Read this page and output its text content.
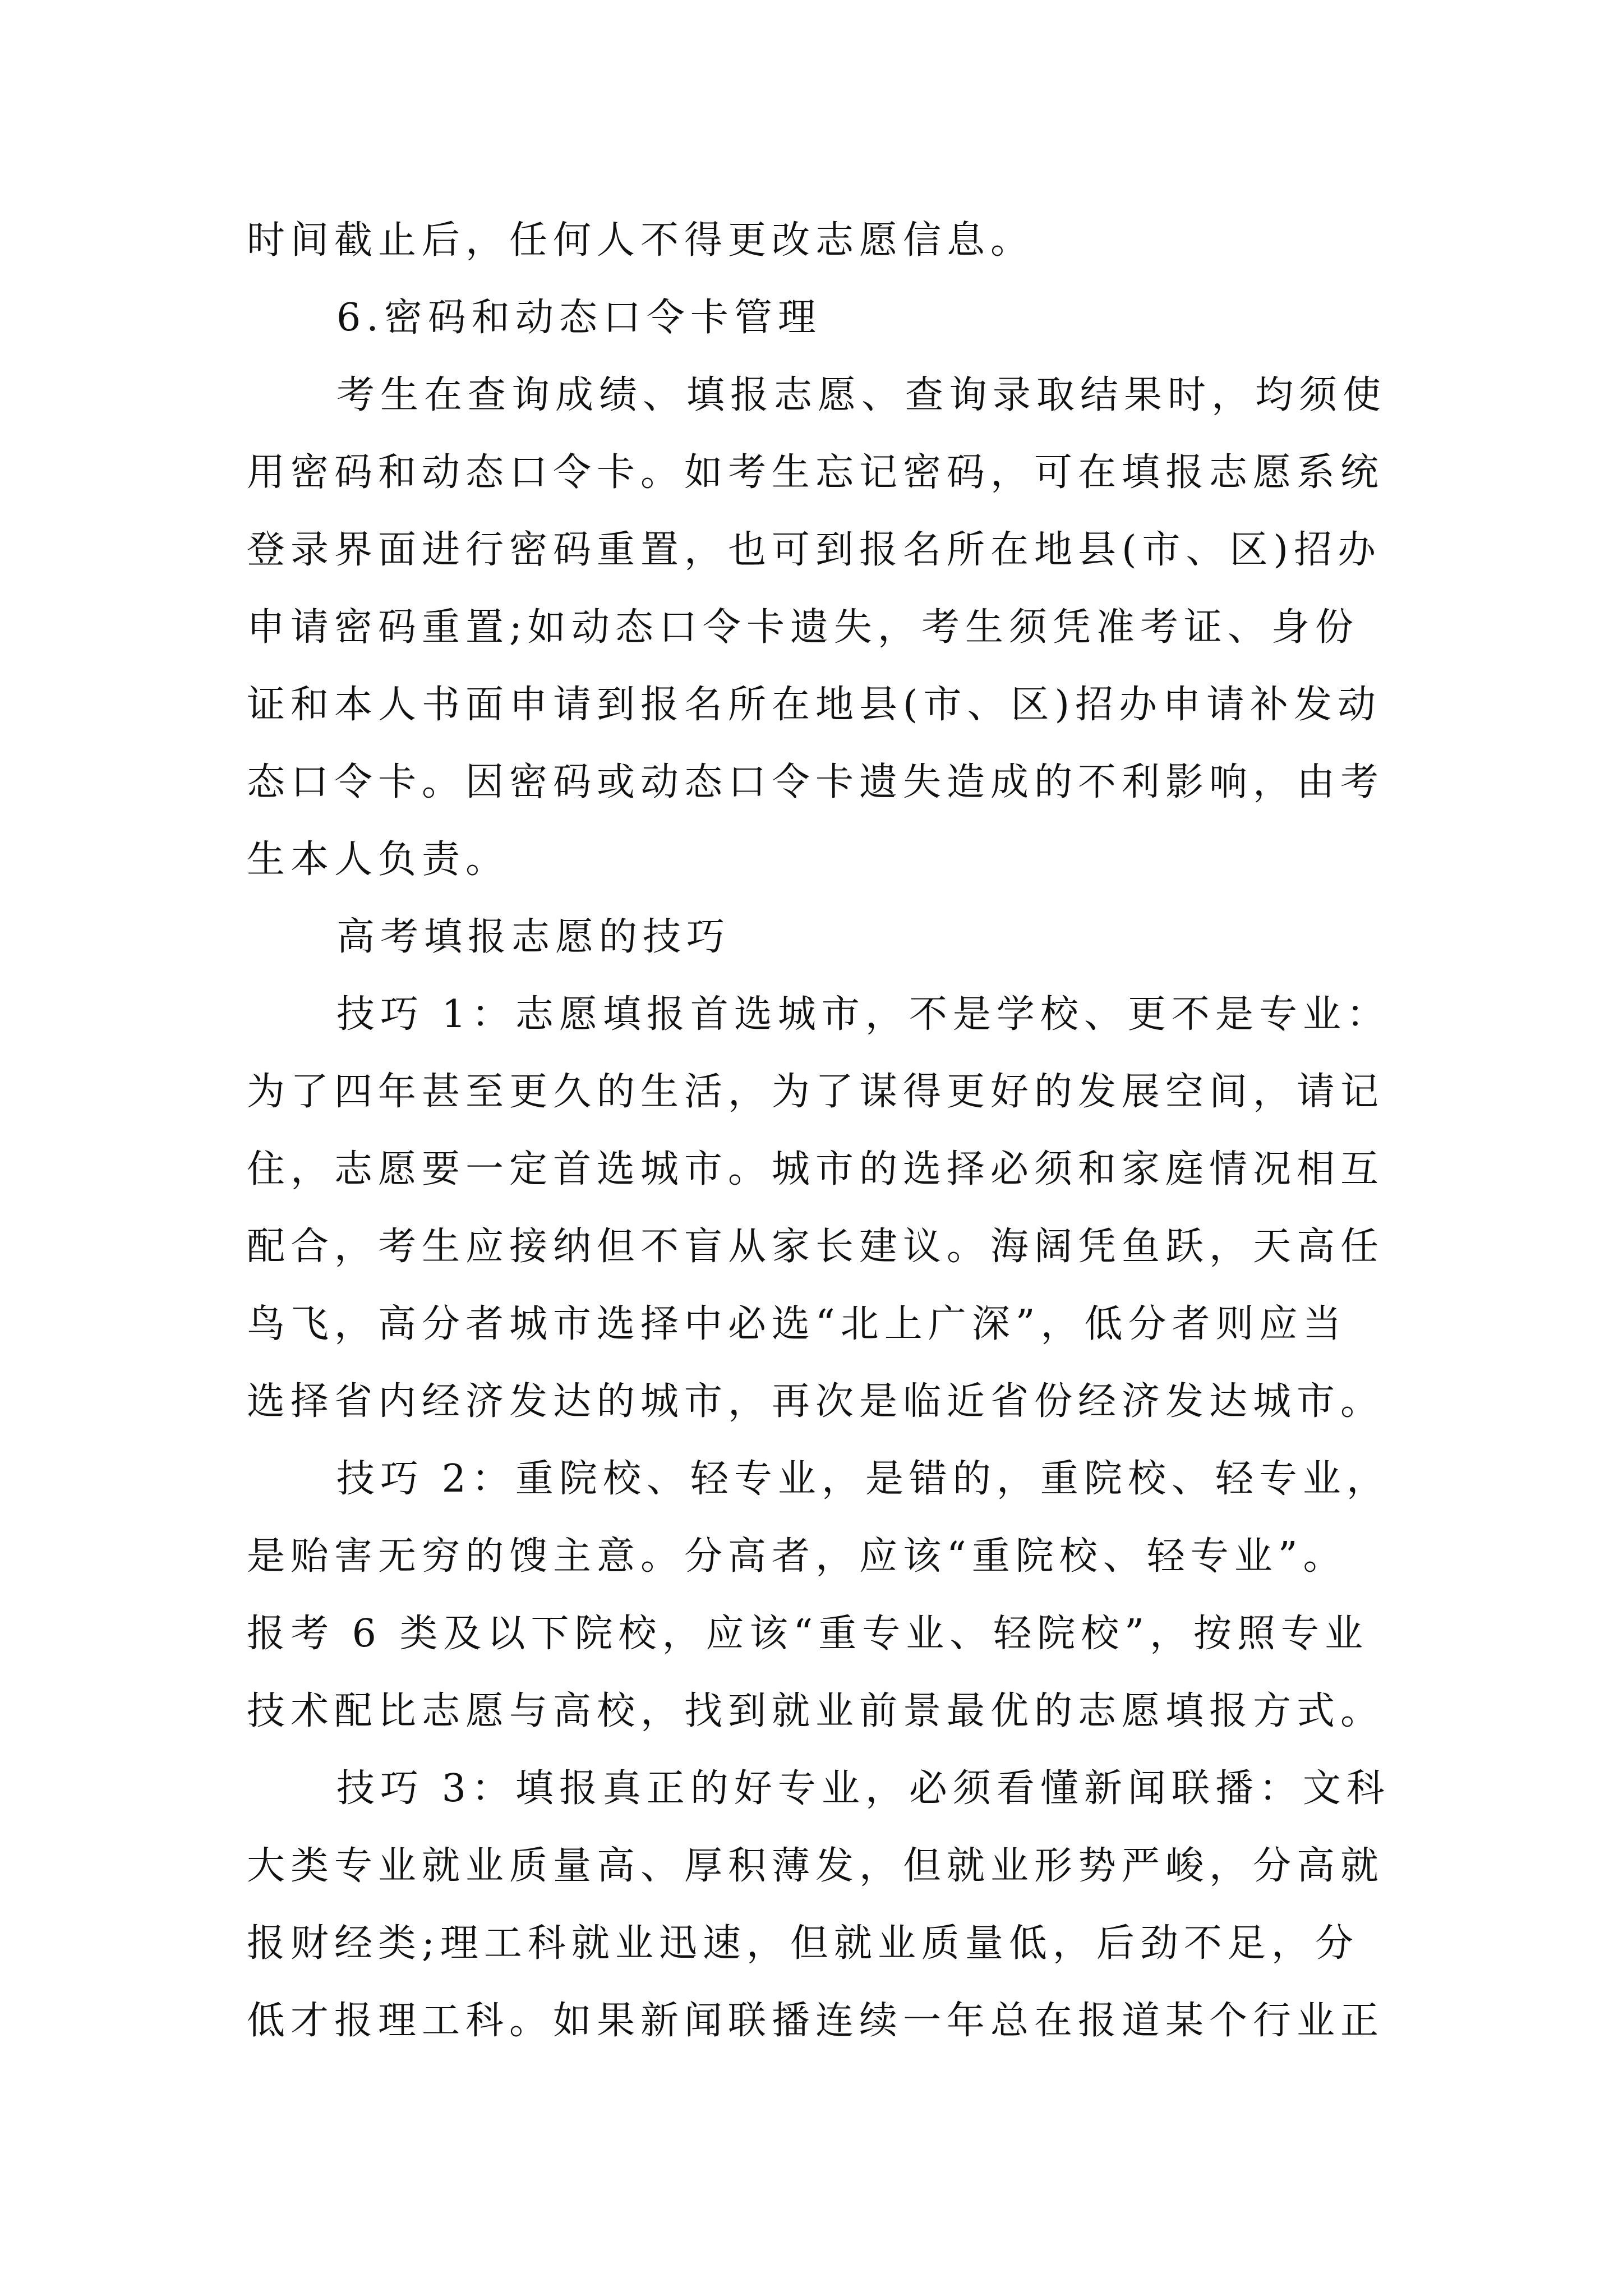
时间截止后，任何人不得更改志愿信息。
6.密码和动态口令卡管理
考生在查询成绩、填报志愿、查询录取结果时，均须使
用密码和动态口令卡。如考生忘记密码，可在填报志愿系统
登录界面进行密码重置，也可到报名所在地县(市、区)招办
申请密码重置;如动态口令卡遗失，考生须凭准考证、身份
证和本人书面申请到报名所在地县(市、区)招办申请补发动
态口令卡。因密码或动态口令卡遗失造成的不利影响，由考
生本人负责。
高考填报志愿的技巧
技巧 1：志愿填报首选城市，不是学校、更不是专业：
为了四年甚至更久的生活，为了谋得更好的发展空间，请记
住，志愿要一定首选城市。城市的选择必须和家庭情况相互
配合，考生应接纳但不盲从家长建议。海阔凭鱼跃，天高任
鸟飞，高分者城市选择中必选“北上广深”，低分者则应当
选择省内经济发达的城市，再次是临近省份经济发达城市。
技巧 2：重院校、轻专业，是错的，重院校、轻专业，
是贻害无穷的馊主意。分高者，应该“重院校、轻专业”。
报考 6 类及以下院校，应该“重专业、轻院校”，按照专业
技术配比志愿与高校，找到就业前景最优的志愿填报方式。
技巧 3：填报真正的好专业，必须看懂新闻联播：文科
大类专业就业质量高、厚积薄发，但就业形势严峻，分高就
报财经类;理工科就业迅速，但就业质量低，后劲不足，分
低才报理工科。如果新闻联播连续一年总在报道某个行业正
